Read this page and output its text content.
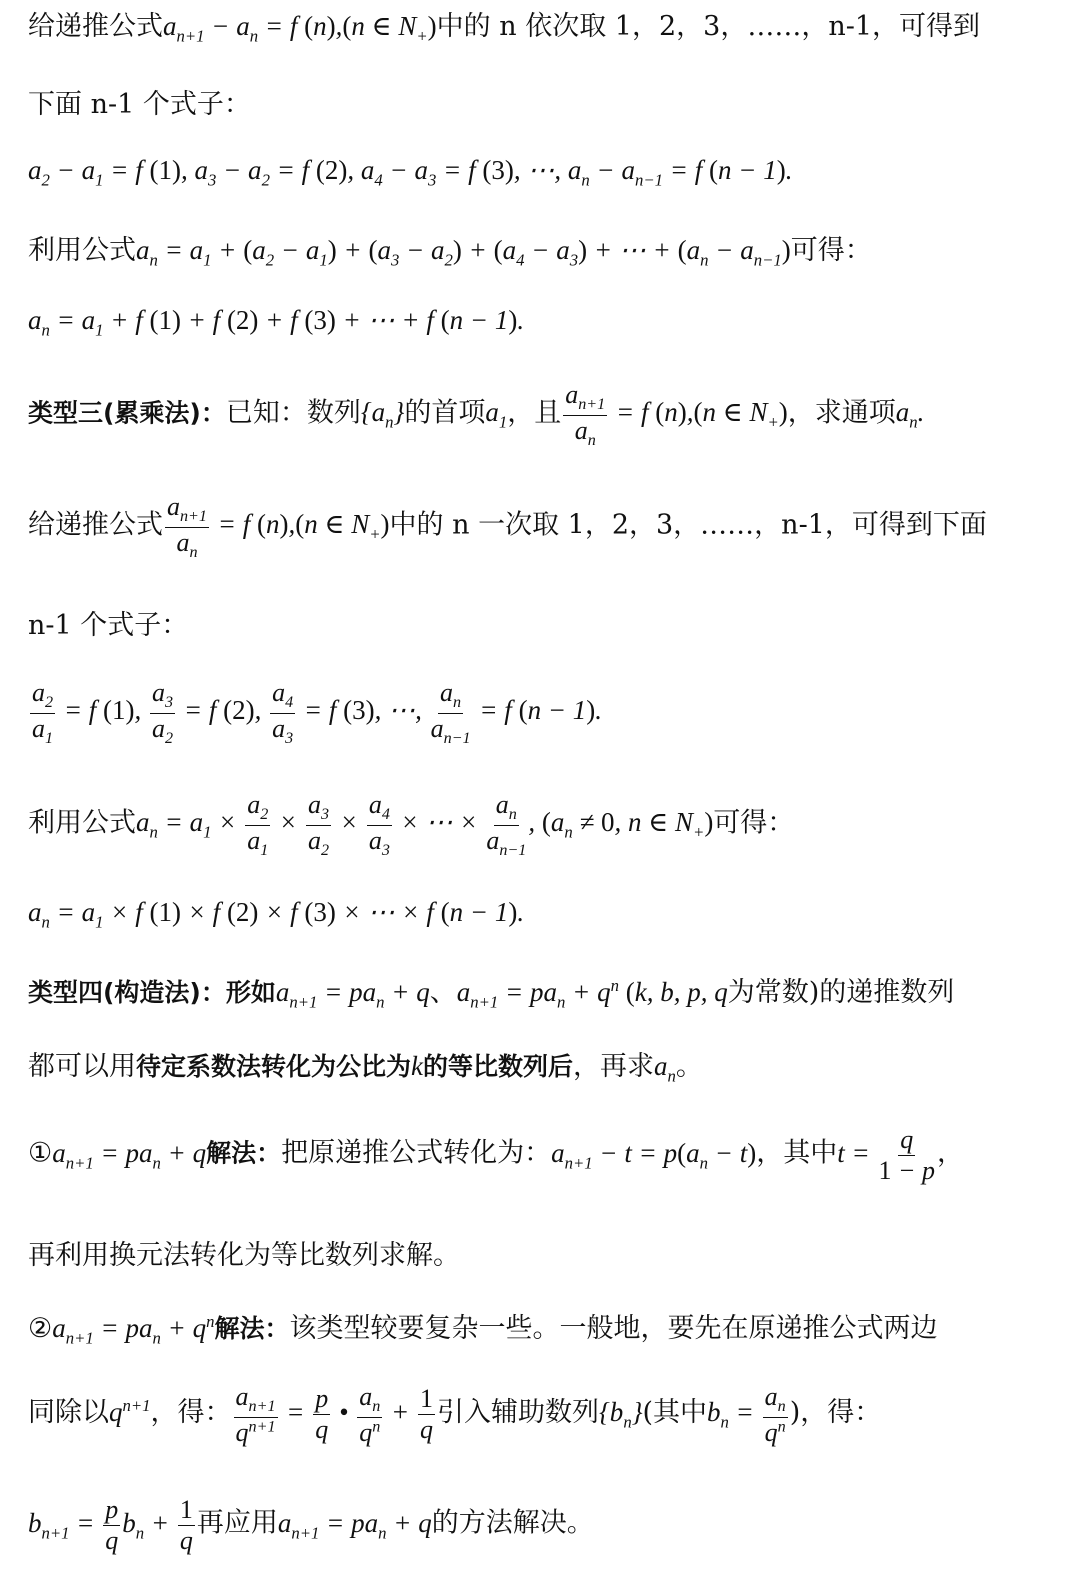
给递推公式$a_{n+1} - a_n = f$ (n),(n ∈ $N_+$)中的 n 依次取 1，2，3，……，n-1，可得到
下面 n-1 个式子：
$a_2 - a_1 = f$ (1), $a_3 - a_2 = f$ (2), $a_4 - a_3 = f$ (3), ⋯, $a_n - a_{n-1} = f$ (n − 1).
利用公式$a_n = a_1 + (a_2 - a_1) + (a_3 - a_2) + (a_4 - a_3)$ + ⋯ + $(a_n - a_{n-1})$可得：
$a_n = a_1 + f$ (1) + f (2) + f (3) + ⋯ + f (n − 1).
类型三(累乘法)：已知：数列$\{a_n\}$的首项$a_1$，且 $\frac{a_{n+1}}{a_n} = f$ (n),(n ∈ $N_+$)，求通项$a_n$.
给递推公式 $\frac{a_{n+1}}{a_n} = f$ (n),(n ∈ $N_+$)中的 n 一次取 1，2，3，……，n-1，可得到下面
n-1 个式子：
$\frac{a_2}{a_1} = f$ (1), $\frac{a_3}{a_2} = f$ (2), $\frac{a_4}{a_3} = f$ (3), ⋯, $\frac{a_n}{a_{n-1}} = f$ (n − 1).
利用公式$a_n = a_1 \times \frac{a_2}{a_1} \times \frac{a_3}{a_2} \times \frac{a_4}{a_3}$ × ⋯ × $\frac{a_n}{a_{n-1}}$ , ($a_n \ne 0$, n ∈ $N_+$)可得：
$a_n = a_1 \times f$ (1) × f (2) × f (3) × ⋯ × f (n − 1).
类型四(构造法)：形如$a_{n+1} = pa_n + q$、$a_{n+1} = pa_n + q^n$ (k, b, p, q为常数)的递推数列
都可以用待定系数法转化为公比为k的等比数列后，再求$a_n$。
$①a_{n+1} = pa_n + q$解法：把原递推公式转化为：$a_{n+1} - t = p(a_n - t)$，其中$t = \frac{q}{1 - p}$ ，
再利用换元法转化为等比数列求解。
$②a_{n+1} = pa_n + q^n$解法：该类型较要复杂一些。一般地，要先在原递推公式两边
同除以$q^{n+1}$，得： $\frac{a_{n+1}}{q^{n+1}} = \frac{p}{q}$ • $\frac{a_n}{q^n} + \frac{1}{q}$ 引入辅助数列$\{b_n\}$(其中$b_n = \frac{a_n}{q^n}$ )，得：
$b_{n+1} = \frac{p}{q} b_n + \frac{1}{q}$ 再应用$a_{n+1} = pa_n + q$的方法解决。
